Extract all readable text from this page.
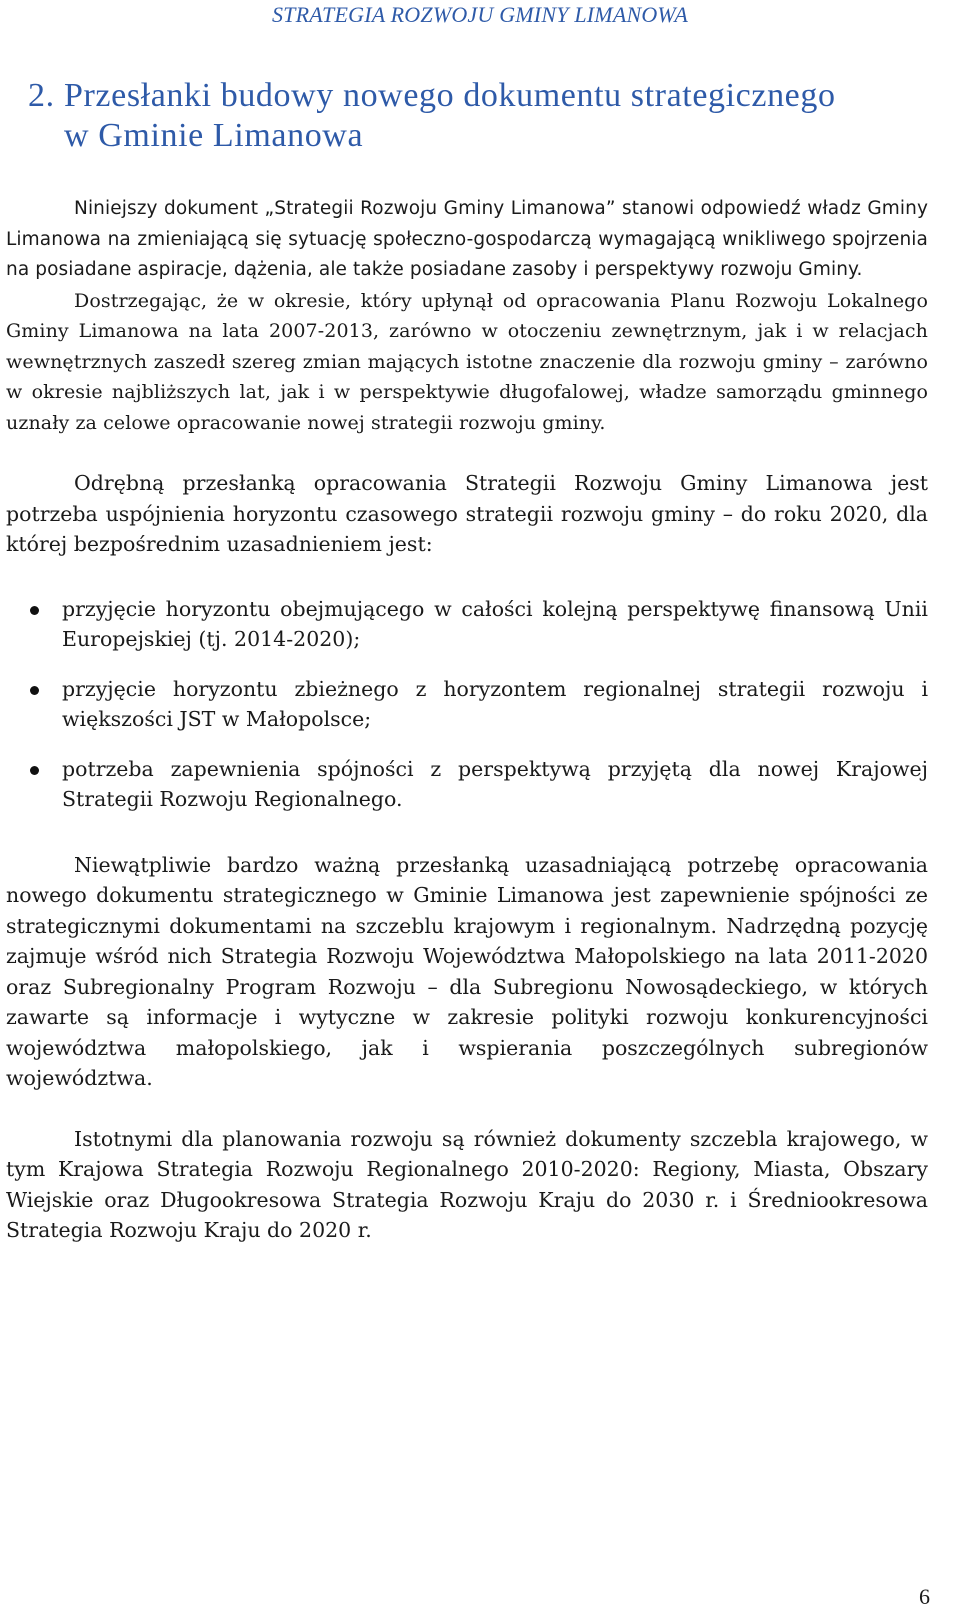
STRATEGIA ROZWOJU GMINY LIMANOWA
2. Przesłanki budowy nowego dokumentu strategicznego
w Gminie Limanowa

Niniejszy dokument „Strategii Rozwoju Gminy Limanowa” stanowi odpowiedź władz Gminy Limanowa na zmieniającą się sytuację społeczno-gospodarczą wymagającą wnikliwego spojrzenia na posiadane aspiracje, dążenia, ale także posiadane zasoby i perspektywy rozwoju Gminy.

Dostrzegając, że w okresie, który upłynął od opracowania Planu Rozwoju Lokalnego Gminy Limanowa na lata 2007-2013, zarówno w otoczeniu zewnętrznym, jak i w relacjach wewnętrznych zaszedł szereg zmian mających istotne znaczenie dla rozwoju gminy – zarówno w okresie najbliższych lat, jak i w perspektywie długofalowej, władze samorządu gminnego uznały za celowe opracowanie nowej strategii rozwoju gminy.

Odrębną przesłanką opracowania Strategii Rozwoju Gminy Limanowa jest potrzeba uspójnienia horyzontu czasowego strategii rozwoju gminy – do roku 2020, dla której bezpośrednim uzasadnieniem jest:

przyjęcie horyzontu obejmującego w całości kolejną perspektywę finansową Unii Europejskiej (tj. 2014-2020);
przyjęcie horyzontu zbieżnego z horyzontem regionalnej strategii rozwoju i większości JST w Małopolsce;
potrzeba zapewnienia spójności z perspektywą przyjętą dla nowej Krajowej Strategii Rozwoju Regionalnego.

Niewątpliwie bardzo ważną przesłanką uzasadniającą potrzebę opracowania nowego dokumentu strategicznego w Gminie Limanowa jest zapewnienie spójności ze strategicznymi dokumentami na szczeblu krajowym i regionalnym. Nadrzędną pozycję zajmuje wśród nich Strategia Rozwoju Województwa Małopolskiego na lata 2011-2020 oraz Subregionalny Program Rozwoju – dla Subregionu Nowosądeckiego, w których zawarte są informacje i wytyczne w zakresie polityki rozwoju konkurencyjności województwa małopolskiego, jak i wspierania poszczególnych subregionów województwa.

Istotnymi dla planowania rozwoju są również dokumenty szczebla krajowego, w tym Krajowa Strategia Rozwoju Regionalnego 2010-2020: Regiony, Miasta, Obszary Wiejskie oraz Długookresowa Strategia Rozwoju Kraju do 2030 r. i Średniookresowa Strategia Rozwoju Kraju do 2020 r.

6
